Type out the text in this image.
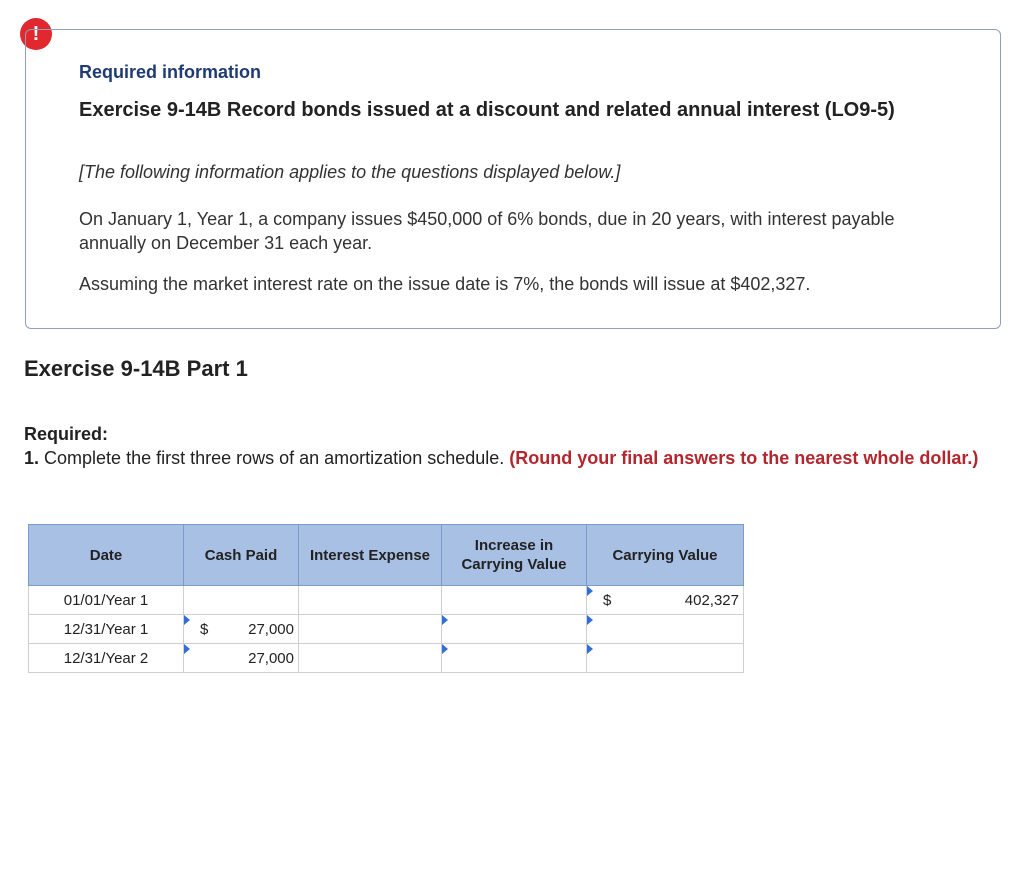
!
Required information
Exercise 9-14B Record bonds issued at a discount and related annual interest (LO9-5)
[The following information applies to the questions displayed below.]
On January 1, Year 1, a company issues $450,000 of 6% bonds, due in 20 years, with interest payable annually on December 31 each year.
Assuming the market interest rate on the issue date is 7%, the bonds will issue at $402,327.
Exercise 9-14B Part 1
Required:
1. Complete the first three rows of an amortization schedule. (Round your final answers to the nearest whole dollar.)
Date	Cash Paid	Interest Expense	Increase in Carrying Value	Carrying Value
01/01/Year 1				$ 402,327

12/31/Year 1	$ 27,000			

12/31/Year 2	27,000			
